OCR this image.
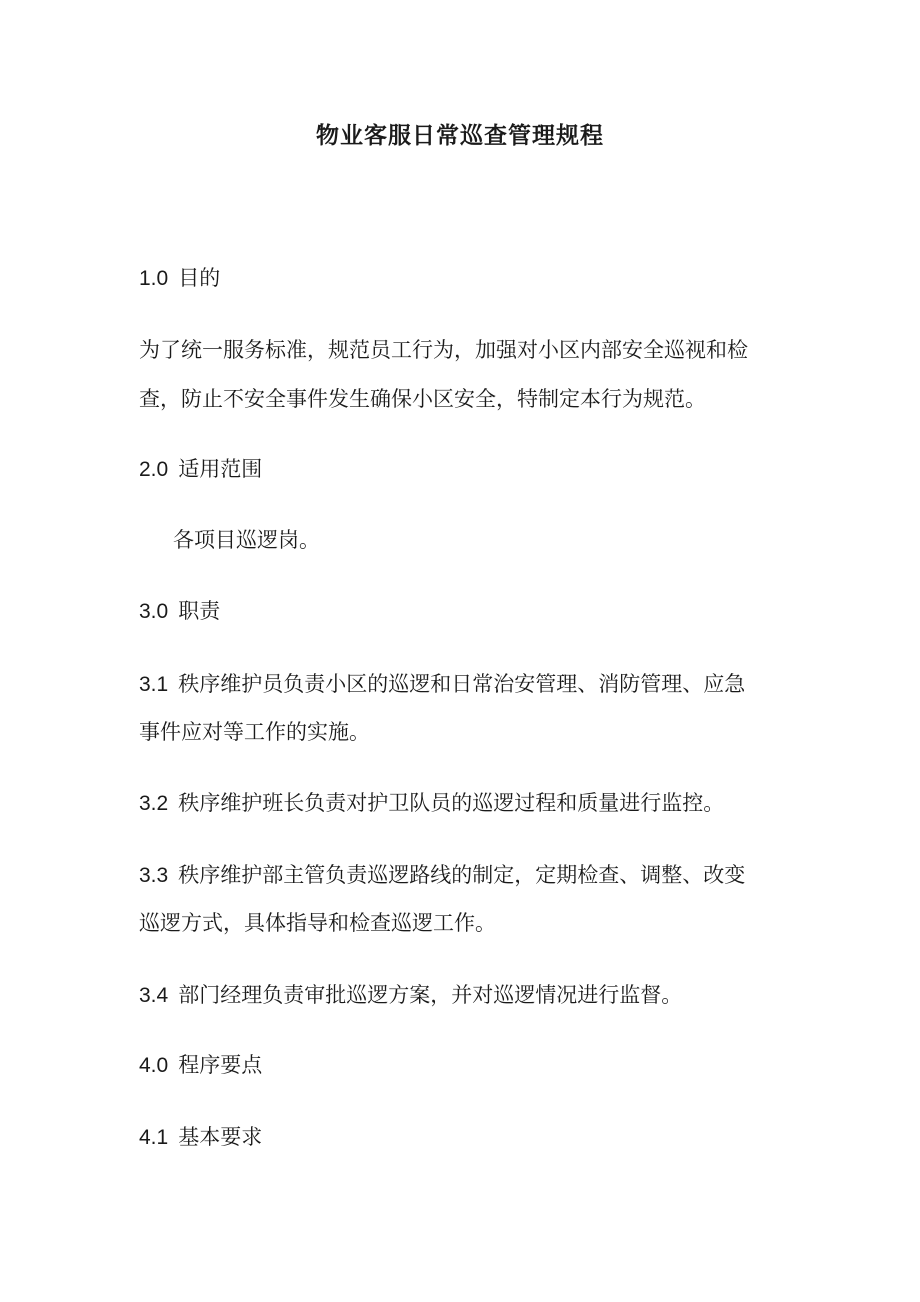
物业客服日常巡查管理规程

1.0 目的

为了统一服务标准，规范员工行为，加强对小区内部安全巡视和检

查，防止不安全事件发生确保小区安全，特制定本行为规范。

2.0 适用范围

各项目巡逻岗。

3.0 职责

3.1 秩序维护员负责小区的巡逻和日常治安管理、消防管理、应急

事件应对等工作的实施。

3.2 秩序维护班长负责对护卫队员的巡逻过程和质量进行监控。

3.3 秩序维护部主管负责巡逻路线的制定，定期检查、调整、改变

巡逻方式，具体指导和检查巡逻工作。

3.4 部门经理负责审批巡逻方案，并对巡逻情况进行监督。

4.0 程序要点

4.1 基本要求
